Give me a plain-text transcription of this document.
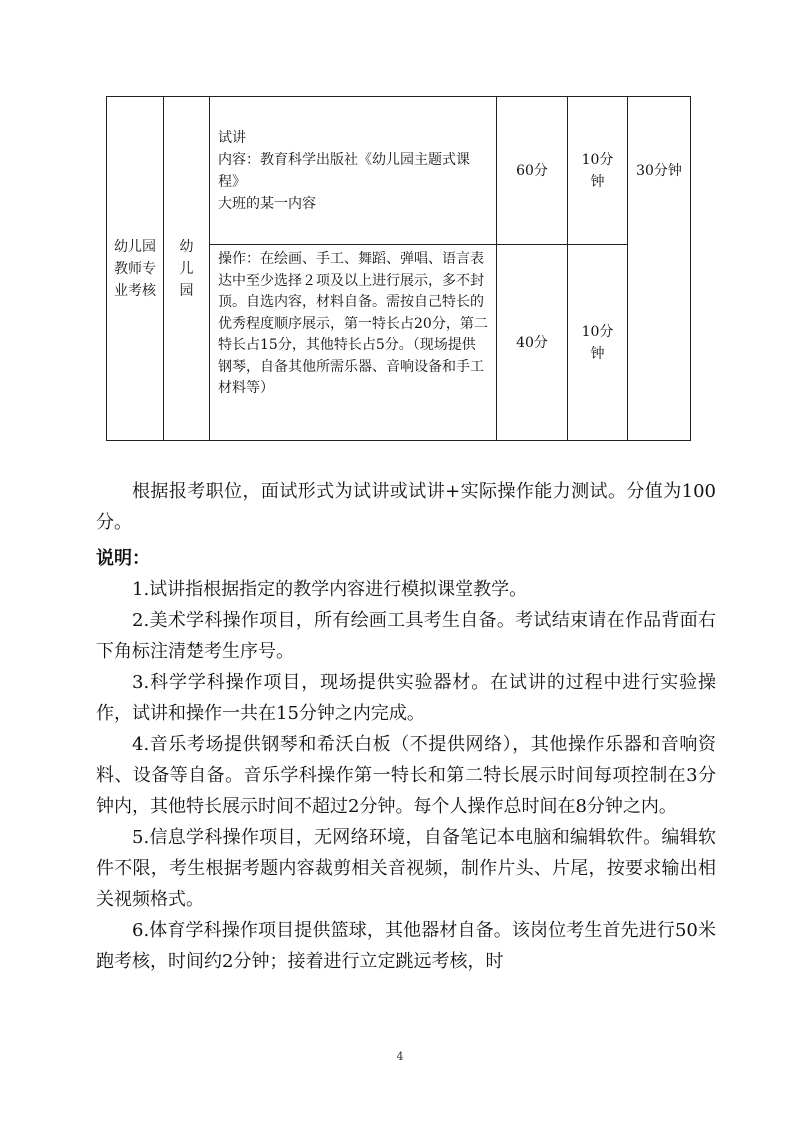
幼儿园教师专业考核	幼儿园	试讲
内容：教育科学出版社《幼儿园主题式课程》
大班的某一内容	60分	10分钟	30分钟

		操作：在绘画、手工、舞蹈、弹唱、语言表达中至少选择２项及以上进行展示，多不封顶。自选内容，材料自备。需按自己特长的优秀程度顺序展示，第一特长占20分，第二特长占15分，其他特长占5分。（现场提供钢琴，自备其他所需乐器、音响设备和手工材料等）	40分	10分钟	

根据报考职位，面试形式为试讲或试讲+实际操作能力测试。分值为100分。

说明：

1.试讲指根据指定的教学内容进行模拟课堂教学。

2.美术学科操作项目，所有绘画工具考生自备。考试结束请在作品背面右下角标注清楚考生序号。

3.科学学科操作项目，现场提供实验器材。在试讲的过程中进行实验操作，试讲和操作一共在15分钟之内完成。

4.音乐考场提供钢琴和希沃白板（不提供网络），其他操作乐器和音响资料、设备等自备。音乐学科操作第一特长和第二特长展示时间每项控制在3分钟内，其他特长展示时间不超过2分钟。每个人操作总时间在8分钟之内。

5.信息学科操作项目，无网络环境，自备笔记本电脑和编辑软件。编辑软件不限，考生根据考题内容裁剪相关音视频，制作片头、片尾，按要求输出相关视频格式。

6.体育学科操作项目提供篮球，其他器材自备。该岗位考生首先进行50米跑考核，时间约2分钟；接着进行立定跳远考核，时

4
